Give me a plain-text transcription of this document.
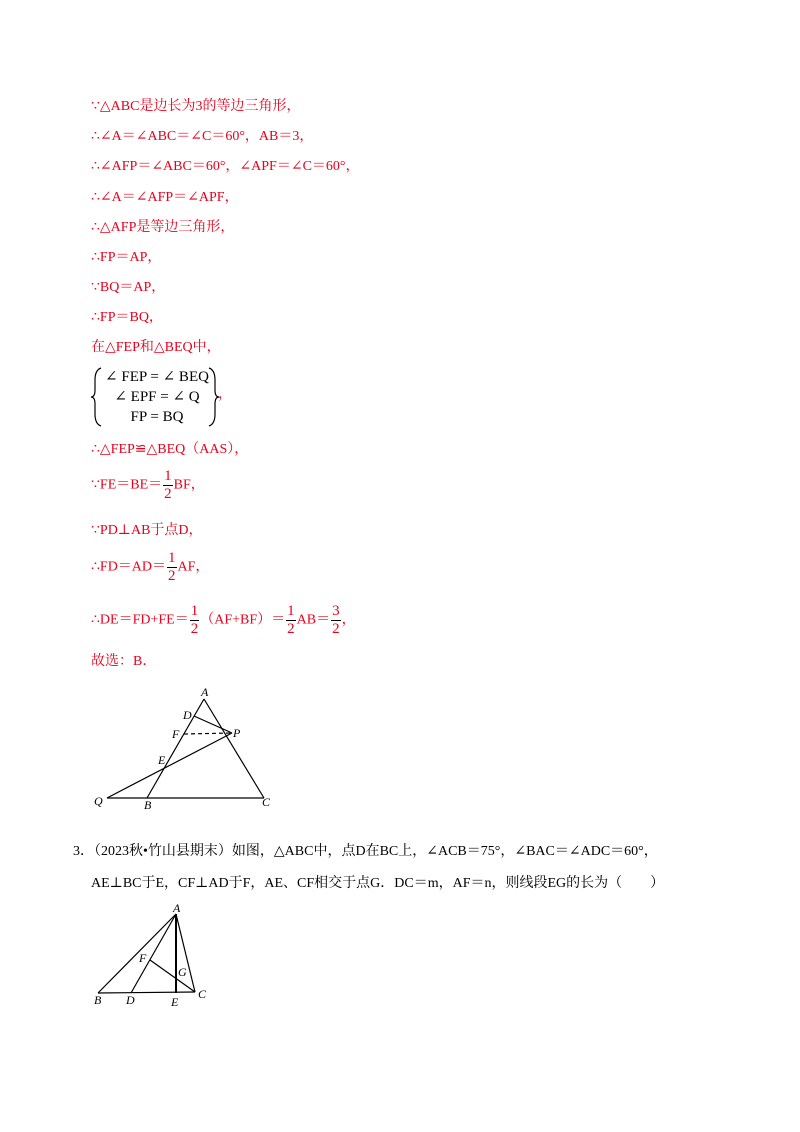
∵△ABC是边长为3的等边三角形，
∴∠A＝∠ABC＝∠C＝60°，AB＝3，
∴∠AFP＝∠ABC＝60°，∠APF＝∠C＝60°，
∴∠A＝∠AFP＝∠APF，
∴△AFP是等边三角形，
∴FP＝AP，
∵BQ＝AP，
∴FP＝BQ，
在△FEP和△BEQ中，
∠ FEP = ∠ BEQ
∠ EPF = ∠ Q
FP = BQ
，
∴△FEP≌△BEQ（AAS），
∵FE＝BE＝ $\frac{1}{2}$ BF，
∵PD⊥AB于点D，
∴FD＝AD＝ $\frac{1}{2}$ AF，
∴DE＝FD+FE＝ $\frac{1}{2} (AF+BF)= \frac{1}{2} AB= \frac{3}{2}$ ，
故选：B．
A
D
F	P
E
Q	B	C
3．（2023秋•竹山县期末）如图，△ABC中，点D在BC上，∠ACB＝75°，∠BAC＝∠ADC＝60°，
AE⊥BC于E，CF⊥AD于F，AE、CF相交于点G．DC＝m，AF＝n，则线段EG的长为（　　）
A
F
G
B D	E
C
